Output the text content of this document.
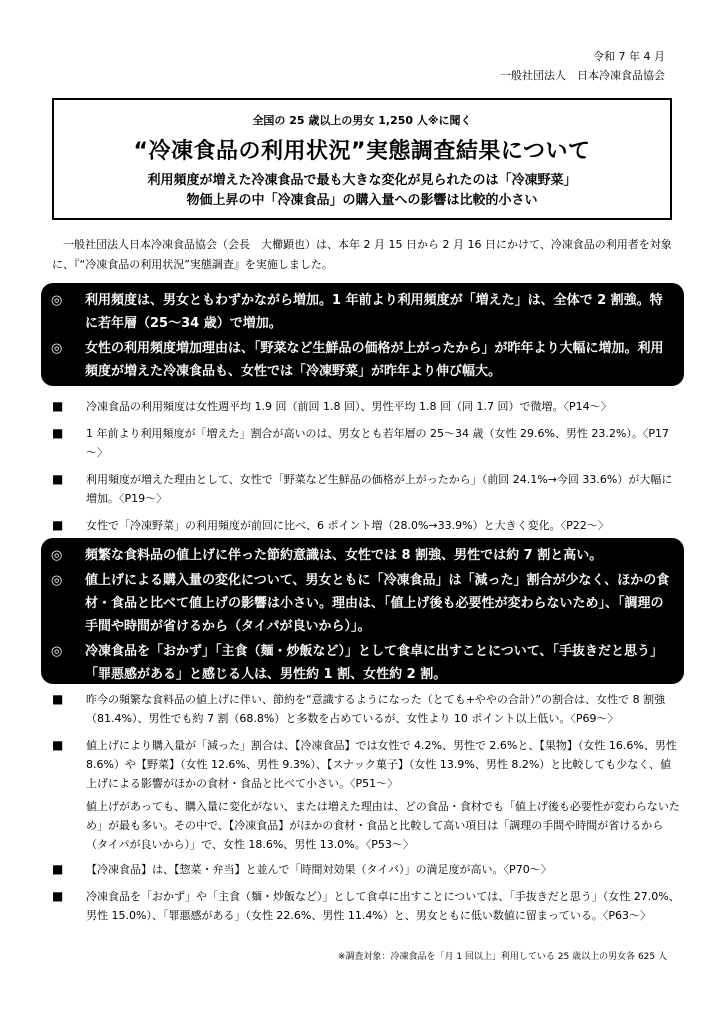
令和 7 年 4 月
一般社団法人　日本冷凍食品協会
全国の 25 歳以上の男女 1,250 人※に聞く
“冷凍食品の利用状況”実態調査結果について
利用頻度が増えた冷凍食品で最も大きな変化が見られたのは「冷凍野菜」
物価上昇の中「冷凍食品」の購入量への影響は比較的小さい
一般社団法人日本冷凍食品協会（会長　大櫛顕也）は、本年 2 月 15 日から 2 月 16 日にかけて、冷凍食品の利用者を対象に、『“冷凍食品の利用状況”実態調査』を実施しました。
◎
利用頻度は、男女ともわずかながら増加。1 年前より利用頻度が「増えた」は、全体で 2 割強。特に若年層（25～34 歳）で増加。
◎
女性の利用頻度増加理由は、「野菜など生鮮品の価格が上がったから」が昨年より大幅に増加。利用頻度が増えた冷凍食品も、女性では「冷凍野菜」が昨年より伸び幅大。
■
冷凍食品の利用頻度は女性週平均 1.9 回（前回 1.8 回）、男性平均 1.8 回（同 1.7 回）で微増。〈P14～〉
■
1 年前より利用頻度が「増えた」割合が高いのは、男女とも若年層の 25～34 歳（女性 29.6%、男性 23.2%）。〈P17～〉
■
利用頻度が増えた理由として、女性で「野菜など生鮮品の価格が上がったから」（前回 24.1%→今回 33.6%）が大幅に増加。〈P19～〉
■
女性で「冷凍野菜」の利用頻度が前回に比べ、6 ポイント増（28.0%→33.9%）と大きく変化。〈P22～〉
◎
頻繁な食料品の値上げに伴った節約意識は、女性では 8 割強、男性では約 7 割と高い。
◎
値上げによる購入量の変化について、男女ともに「冷凍食品」は「減った」割合が少なく、ほかの食材・食品と比べて値上げの影響は小さい。理由は、「値上げ後も必要性が変わらないため」、「調理の手間や時間が省けるから（タイパが良いから）」。
◎
冷凍食品を「おかず」「主食（麺・炒飯など）」として食卓に出すことについて、「手抜きだと思う」「罪悪感がある」と感じる人は、男性約 1 割、女性約 2 割。
■
昨今の頻繁な食料品の値上げに伴い、節約を“意識するようになった（とても+ややの合計）”の割合は、女性で 8 割強（81.4%）、男性でも約 7 割（68.8%）と多数を占めているが、女性より 10 ポイント以上低い。〈P69～〉
■
値上げにより購入量が「減った」割合は、【冷凍食品】では女性で 4.2%、男性で 2.6%と、【果物】（女性 16.6%、男性 8.6%）や【野菜】（女性 12.6%、男性 9.3%）、【スナック菓子】（女性 13.9%、男性 8.2%）と比較しても少なく、値上げによる影響がほかの食材・食品と比べて小さい。〈P51～〉
値上げがあっても、購入量に変化がない、または増えた理由は、どの食品・食材でも「値上げ後も必要性が変わらないため」が最も多い。その中で、【冷凍食品】がほかの食材・食品と比較して高い項目は「調理の手間や時間が省けるから（タイパが良いから）」で、女性 18.6%、男性 13.0%。〈P53～〉
■
【冷凍食品】は、【惣菜・弁当】と並んで「時間対効果（タイパ）」の満足度が高い。〈P70～〉
■
冷凍食品を「おかず」や「主食（麺・炒飯など）」として食卓に出すことについては、「手抜きだと思う」（女性 27.0%、男性 15.0%）、「罪悪感がある」（女性 22.6%、男性 11.4%）と、男女ともに低い数値に留まっている。〈P63～〉
※調査対象：冷凍食品を「月 1 回以上」利用している 25 歳以上の男女各 625 人
